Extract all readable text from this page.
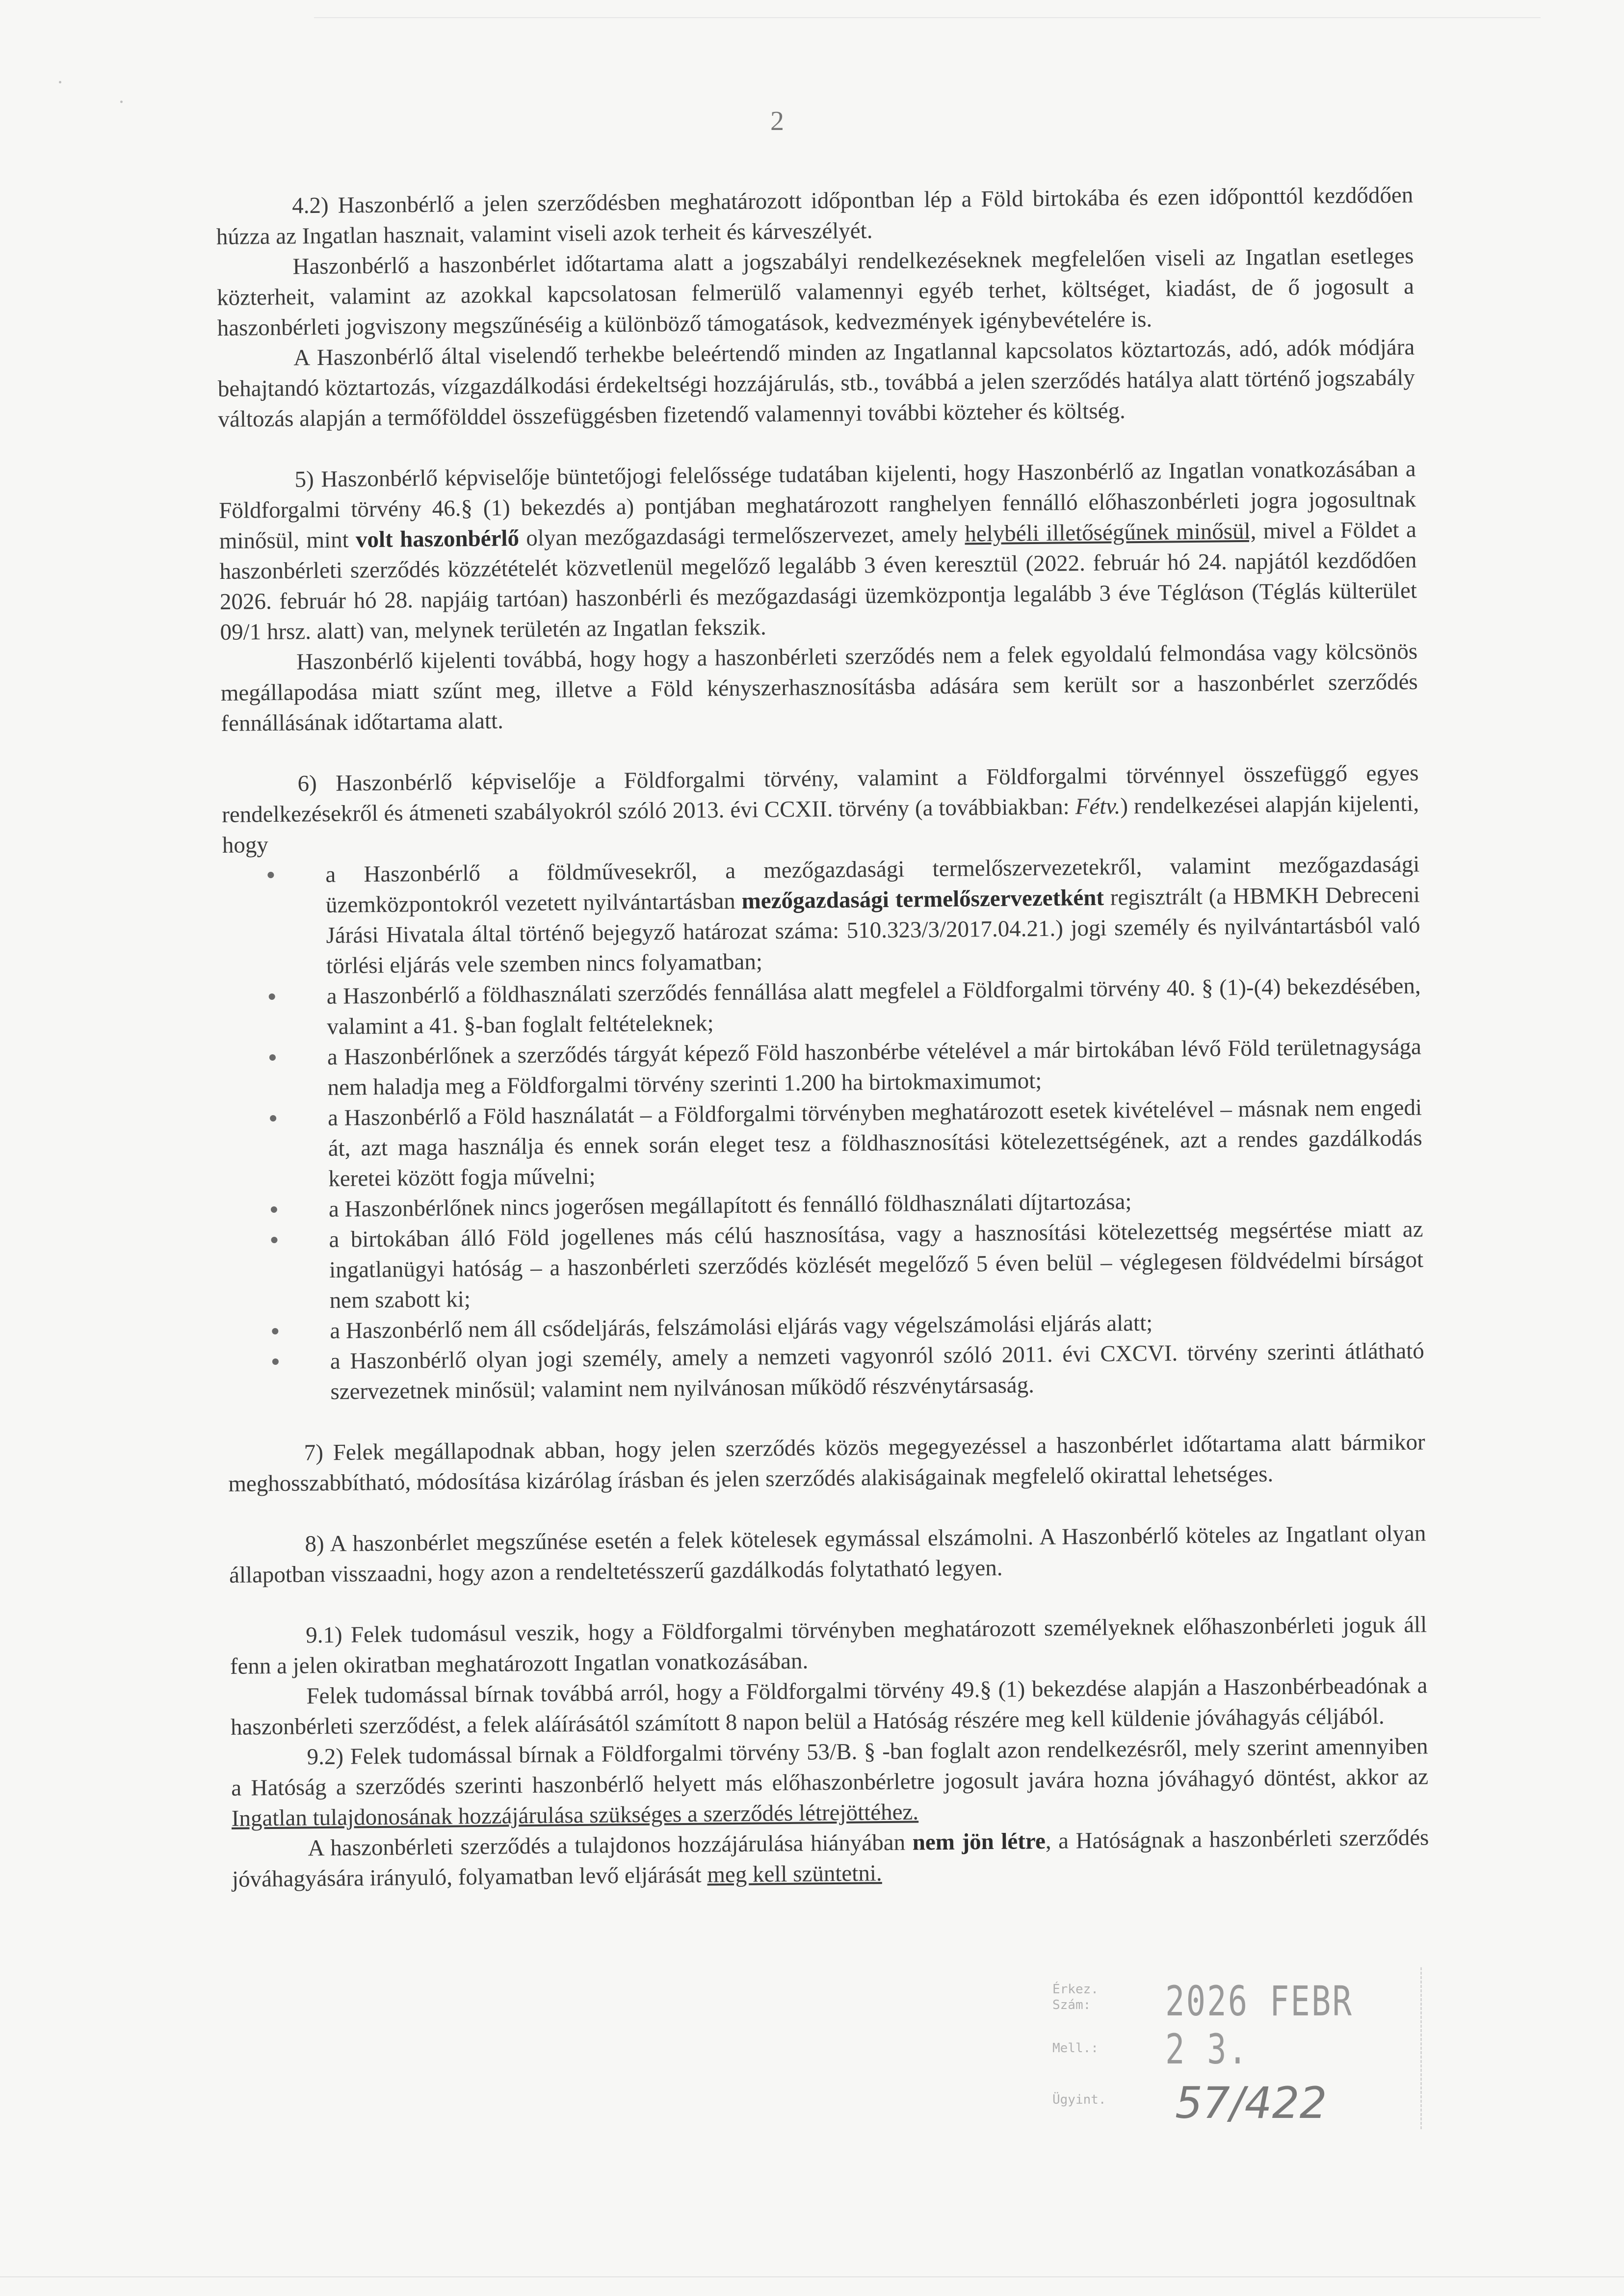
2

4.2) Haszonbérlő a jelen szerződésben meghatározott időpontban lép a Föld birtokába és ezen időponttól kezdődően húzza az Ingatlan hasznait, valamint viseli azok terheit és kárveszélyét.

Haszonbérlő a haszonbérlet időtartama alatt a jogszabályi rendelkezéseknek megfelelően viseli az Ingatlan esetleges közterheit, valamint az azokkal kapcsolatosan felmerülő valamennyi egyéb terhet, költséget, kiadást, de ő jogosult a haszonbérleti jogviszony megszűnéséig a különböző támogatások, kedvezmények igénybevételére is.

A Haszonbérlő által viselendő terhekbe beleértendő minden az Ingatlannal kapcsolatos köztartozás, adó, adók módjára behajtandó köztartozás, vízgazdálkodási érdekeltségi hozzájárulás, stb., továbbá a jelen szerződés hatálya alatt történő jogszabály változás alapján a termőfölddel összefüggésben fizetendő valamennyi további közteher és költség.

5) Haszonbérlő képviselője büntetőjogi felelőssége tudatában kijelenti, hogy Haszonbérlő az Ingatlan vonatkozásában a Földforgalmi törvény 46.§ (1) bekezdés a) pontjában meghatározott ranghelyen fennálló előhaszonbérleti jogra jogosultnak minősül, mint volt haszonbérlő olyan mezőgazdasági termelőszervezet, amely helybéli illetőségűnek minősül, mivel a Földet a haszonbérleti szerződés közzétételét közvetlenül megelőző legalább 3 éven keresztül (2022. február hó 24. napjától kezdődően 2026. február hó 28. napjáig tartóan) haszonbérli és mezőgazdasági üzemközpontja legalább 3 éve Téglάson (Téglás külterület 09/1 hrsz. alatt) van, melynek területén az Ingatlan fekszik.

Haszonbérlő kijelenti továbbá, hogy hogy a haszonbérleti szerződés nem a felek egyoldalú felmondása vagy kölcsönös megállapodása miatt szűnt meg, illetve a Föld kényszerhasznosításba adására sem került sor a haszonbérlet szerződés fennállásának időtartama alatt.

6) Haszonbérlő képviselője a Földforgalmi törvény, valamint a Földforgalmi törvénnyel összefüggő egyes rendelkezésekről és átmeneti szabályokról szóló 2013. évi CCXII. törvény (a továbbiakban: Fétv.) rendelkezései alapján kijelenti, hogy

a Haszonbérlő a földművesekről, a mezőgazdasági termelőszervezetekről, valamint mezőgazdasági üzemközpontokról vezetett nyilvántartásban mezőgazdasági termelőszervezetként regisztrált (a HBMKH Debreceni Járási Hivatala által történő bejegyző határozat száma: 510.323/3/2017.04.21.) jogi személy és nyilvántartásból való törlési eljárás vele szemben nincs folyamatban;
a Haszonbérlő a földhasználati szerződés fennállása alatt megfelel a Földforgalmi törvény 40. § (1)-(4) bekezdésében, valamint a 41. §-ban foglalt feltételeknek;
a Haszonbérlőnek a szerződés tárgyát képező Föld haszonbérbe vételével a már birtokában lévő Föld területnagysága nem haladja meg a Földforgalmi törvény szerinti 1.200 ha birtokmaximumot;
a Haszonbérlő a Föld használatát – a Földforgalmi törvényben meghatározott esetek kivételével – másnak nem engedi át, azt maga használja és ennek során eleget tesz a földhasznosítási kötelezettségének, azt a rendes gazdálkodás keretei között fogja művelni;
a Haszonbérlőnek nincs jogerősen megállapított és fennálló földhasználati díjtartozása;
a birtokában álló Föld jogellenes más célú hasznosítása, vagy a hasznosítási kötelezettség megsértése miatt az ingatlanügyi hatóság – a haszonbérleti szerződés közlését megelőző 5 éven belül – véglegesen földvédelmi bírságot nem szabott ki;
a Haszonbérlő nem áll csődeljárás, felszámolási eljárás vagy végelszámolási eljárás alatt;
a Haszonbérlő olyan jogi személy, amely a nemzeti vagyonról szóló 2011. évi CXCVI. törvény szerinti átlátható szervezetnek minősül; valamint nem nyilvánosan működő részvénytársaság.

7) Felek megállapodnak abban, hogy jelen szerződés közös megegyezéssel a haszonbérlet időtartama alatt bármikor meghosszabbítható, módosítása kizárólag írásban és jelen szerződés alakiságainak megfelelő okirattal lehetséges.

8) A haszonbérlet megszűnése esetén a felek kötelesek egymással elszámolni. A Haszonbérlő köteles az Ingatlant olyan állapotban visszaadni, hogy azon a rendeltetésszerű gazdálkodás folytatható legyen.

9.1) Felek tudomásul veszik, hogy a Földforgalmi törvényben meghatározott személyeknek előhaszonbérleti joguk áll fenn a jelen okiratban meghatározott Ingatlan vonatkozásában.

Felek tudomással bírnak továbbá arról, hogy a Földforgalmi törvény 49.§ (1) bekezdése alapján a Haszonbérbeadónak a haszonbérleti szerződést, a felek aláírásától számított 8 napon belül a Hatóság részére meg kell küldenie jóváhagyás céljából.

9.2) Felek tudomással bírnak a Földforgalmi törvény 53/B. § -ban foglalt azon rendelkezésről, mely szerint amennyiben a Hatóság a szerződés szerinti haszonbérlő helyett más előhaszonbérletre jogosult javára hozna jóváhagyó döntést, akkor az Ingatlan tulajdonosának hozzájárulása szükséges a szerződés létrejöttéhez.

A haszonbérleti szerződés a tulajdonos hozzájárulása hiányában nem jön létre, a Hatóságnak a haszonbérleti szerződés jóváhagyására irányuló, folyamatban levő eljárását meg kell szüntetni.

Érkez.
Szám: 2026 FEBR 2 3.
Mell.:
Ügyint. 57/422
